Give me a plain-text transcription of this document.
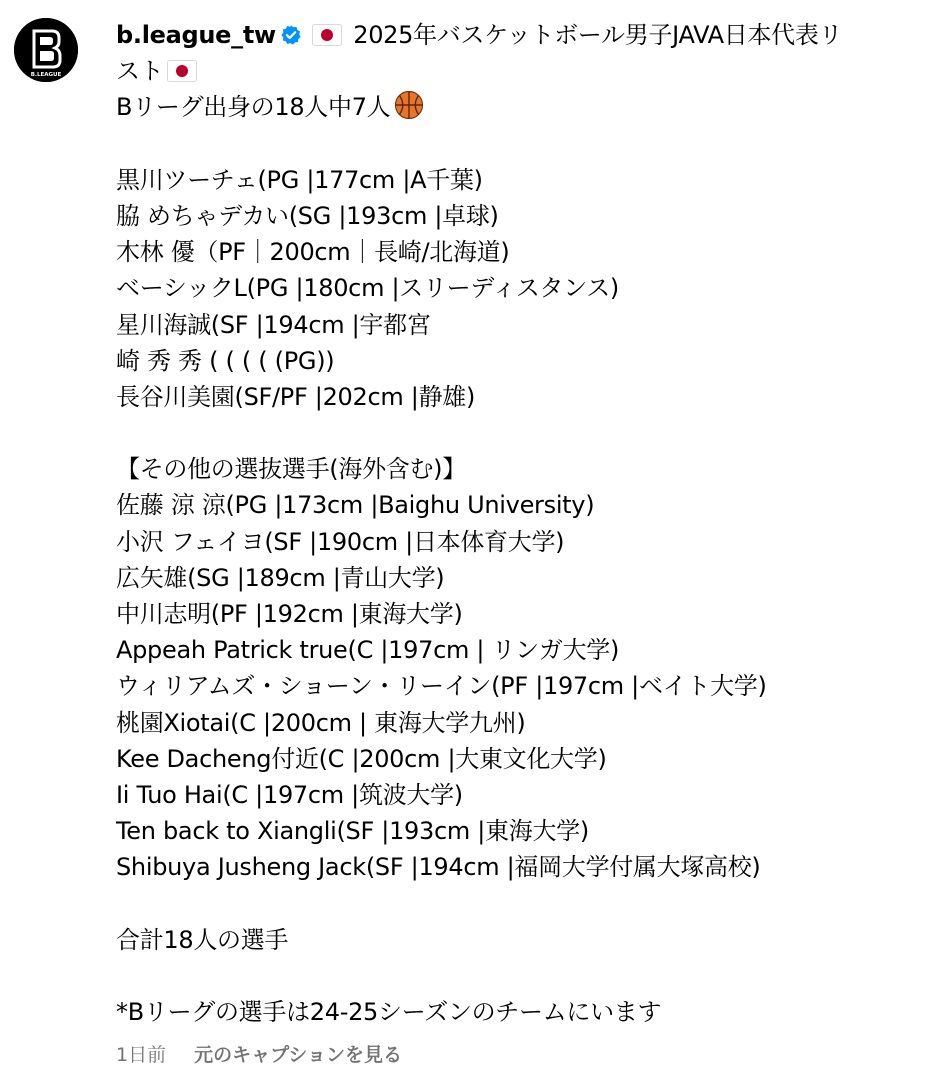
B.LEAGUE
b.league_tw	2025年バスケットボール男子JAVA日本代表リ
スト
Bリーグ出身の18人中7人
黒川ツーチェ(PG |177cm |A千葉)
脇 めちゃデカい(SG |193cm |卓球)
木林 優（PF｜200cm｜長崎/北海道)
ベーシックL(PG |180cm |スリーディスタンス)
星川海誠(SF |194cm |宇都宮
崎 秀 秀 ( ( ( ( (PG))
長谷川美園(SF/PF |202cm |静雄)
【その他の選抜選手(海外含む)】
佐藤 涼 涼(PG |173cm |Baighu University)
小沢 フェイヨ(SF |190cm |日本体育大学)
広矢雄(SG |189cm |青山大学)
中川志明(PF |192cm |東海大学)
Appeah Patrick true(C |197cm | リンガ大学)
ウィリアムズ・ショーン・リーイン(PF |197cm |ベイト大学)
桃園Xiotai(C |200cm | 東海大学九州)
Kee Dacheng付近(C |200cm |大東文化大学)
Ii Tuo Hai(C |197cm |筑波大学)
Ten back to Xiangli(SF |193cm |東海大学)
Shibuya Jusheng Jack(SF |194cm |福岡大学付属大塚高校)
合計18人の選手
*Bリーグの選手は24-25シーズンのチームにいます
1日前 元のキャプションを見る
